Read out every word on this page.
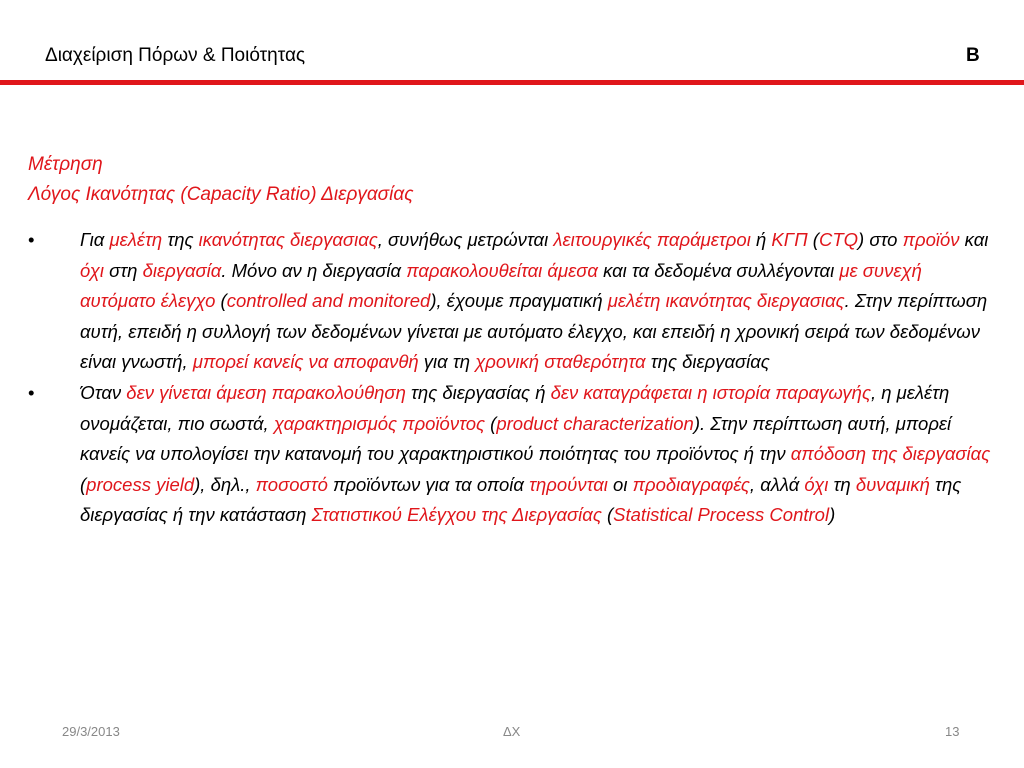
Διαχείριση Πόρων & Ποιότητας	B
Μέτρηση
Λόγος Ικανότητας (Capacity Ratio) Διεργασίας
• Για μελέτη της ικανότητας διεργασιας, συνήθως μετρώνται λειτουργικές παράμετροι ή ΚΓΠ (CTQ) στο προϊόν και όχι στη διεργασία. Μόνο αν η διεργασία παρακολουθείται άμεσα και τα δεδομένα συλλέγονται με συνεχή αυτόματο έλεγχο (controlled and monitored), έχουμε πραγματική μελέτη ικανότητας διεργασιας. Στην περίπτωση αυτή, επειδή η συλλογή των δεδομένων γίνεται με αυτόματο έλεγχο, και επειδή η χρονική σειρά των δεδομένων είναι γνωστή, μπορεί κανείς να αποφανθή για τη χρονική σταθερότητα της διεργασίας
• Όταν δεν γίνεται άμεση παρακολούθηση της διεργασίας ή δεν καταγράφεται η ιστορία παραγωγής, η μελέτη ονομάζεται, πιο σωστά, χαρακτηρισμός προϊόντος (product characterization). Στην περίπτωση αυτή, μπορεί κανείς να υπολογίσει την κατανομή του χαρακτηριστικού ποιότητας του προϊόντος ή την απόδοση της διεργασίας (process yield), δηλ., ποσοστό προϊόντων για τα οποία τηρούνται οι προδιαγραφές, αλλά όχι τη δυναμική της διεργασίας ή την κατάσταση Στατιστικού Ελέγχου της Διεργασίας (Statistical Process Control)
29/3/2013	ΔΧ	13
